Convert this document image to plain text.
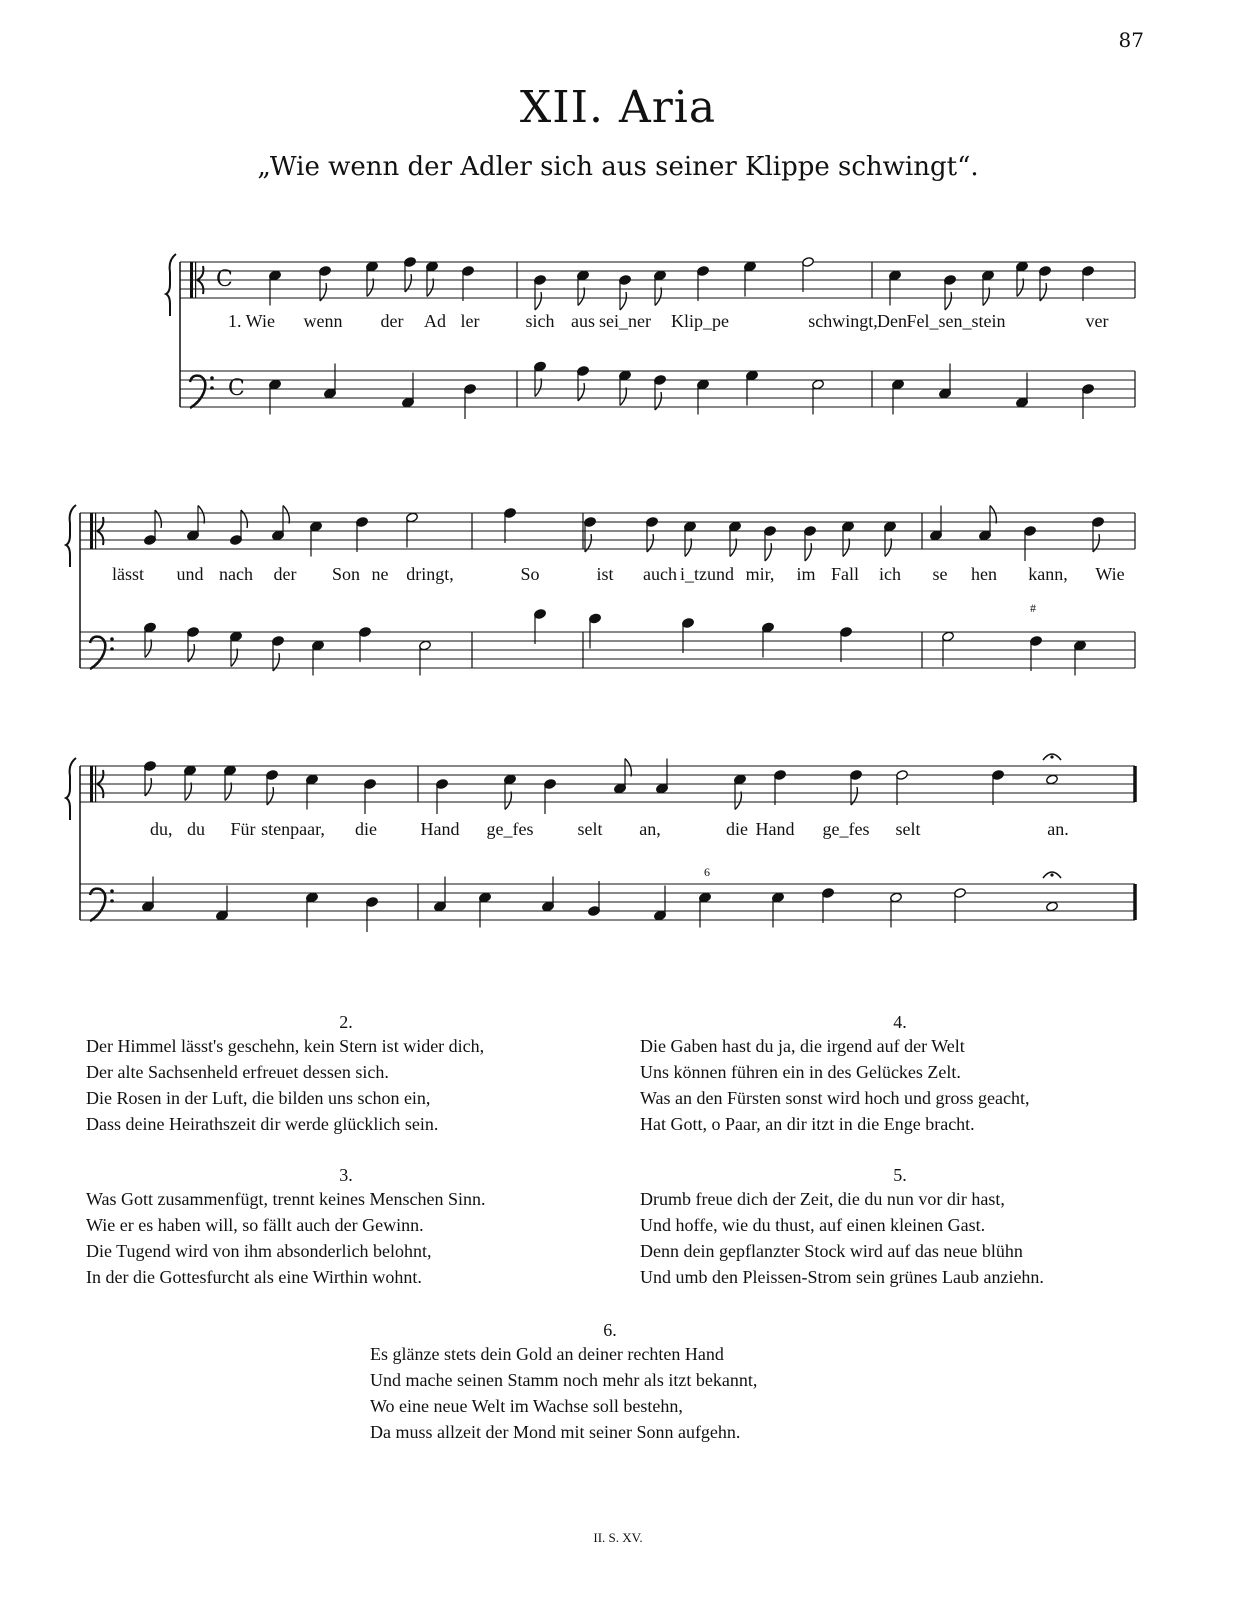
87
XII. Aria
„Wie wenn der Adler sich aus seiner Klippe schwingt“.
C
C
1. Wie wenn der Ad ler	sich aus sei_ner Klip_pe	schwingt, Den Fel_sen_stein	ver
lässt und nach der Son ne dringt,	So	ist auch i_tzund mir, im Fall ich se hen kann, Wie
du, du Für stenpaar, die Hand ge_fes selt an,	die Hand ge_fes selt	an.
#
6
2.
Der Himmel lässt's geschehn, kein Stern ist wider dich,
Der alte Sachsenheld erfreuet dessen sich.
Die Rosen in der Luft, die bilden uns schon ein,
Dass deine Heirathszeit dir werde glücklich sein.
3.
Was Gott zusammenfügt, trennt keines Menschen Sinn.
Wie er es haben will, so fällt auch der Gewinn.
Die Tugend wird von ihm absonderlich belohnt,
In der die Gottesfurcht als eine Wirthin wohnt.
4.
Die Gaben hast du ja, die irgend auf der Welt
Uns können führen ein in des Gelückes Zelt.
Was an den Fürsten sonst wird hoch und gross geacht,
Hat Gott, o Paar, an dir itzt in die Enge bracht.
5.
Drumb freue dich der Zeit, die du nun vor dir hast,
Und hoffe, wie du thust, auf einen kleinen Gast.
Denn dein gepflanzter Stock wird auf das neue blühn
Und umb den Pleissen-Strom sein grünes Laub anziehn.
6.
Es glänze stets dein Gold an deiner rechten Hand
Und mache seinen Stamm noch mehr als itzt bekannt,
Wo eine neue Welt im Wachse soll bestehn,
Da muss allzeit der Mond mit seiner Sonn aufgehn.
II. S. XV.
